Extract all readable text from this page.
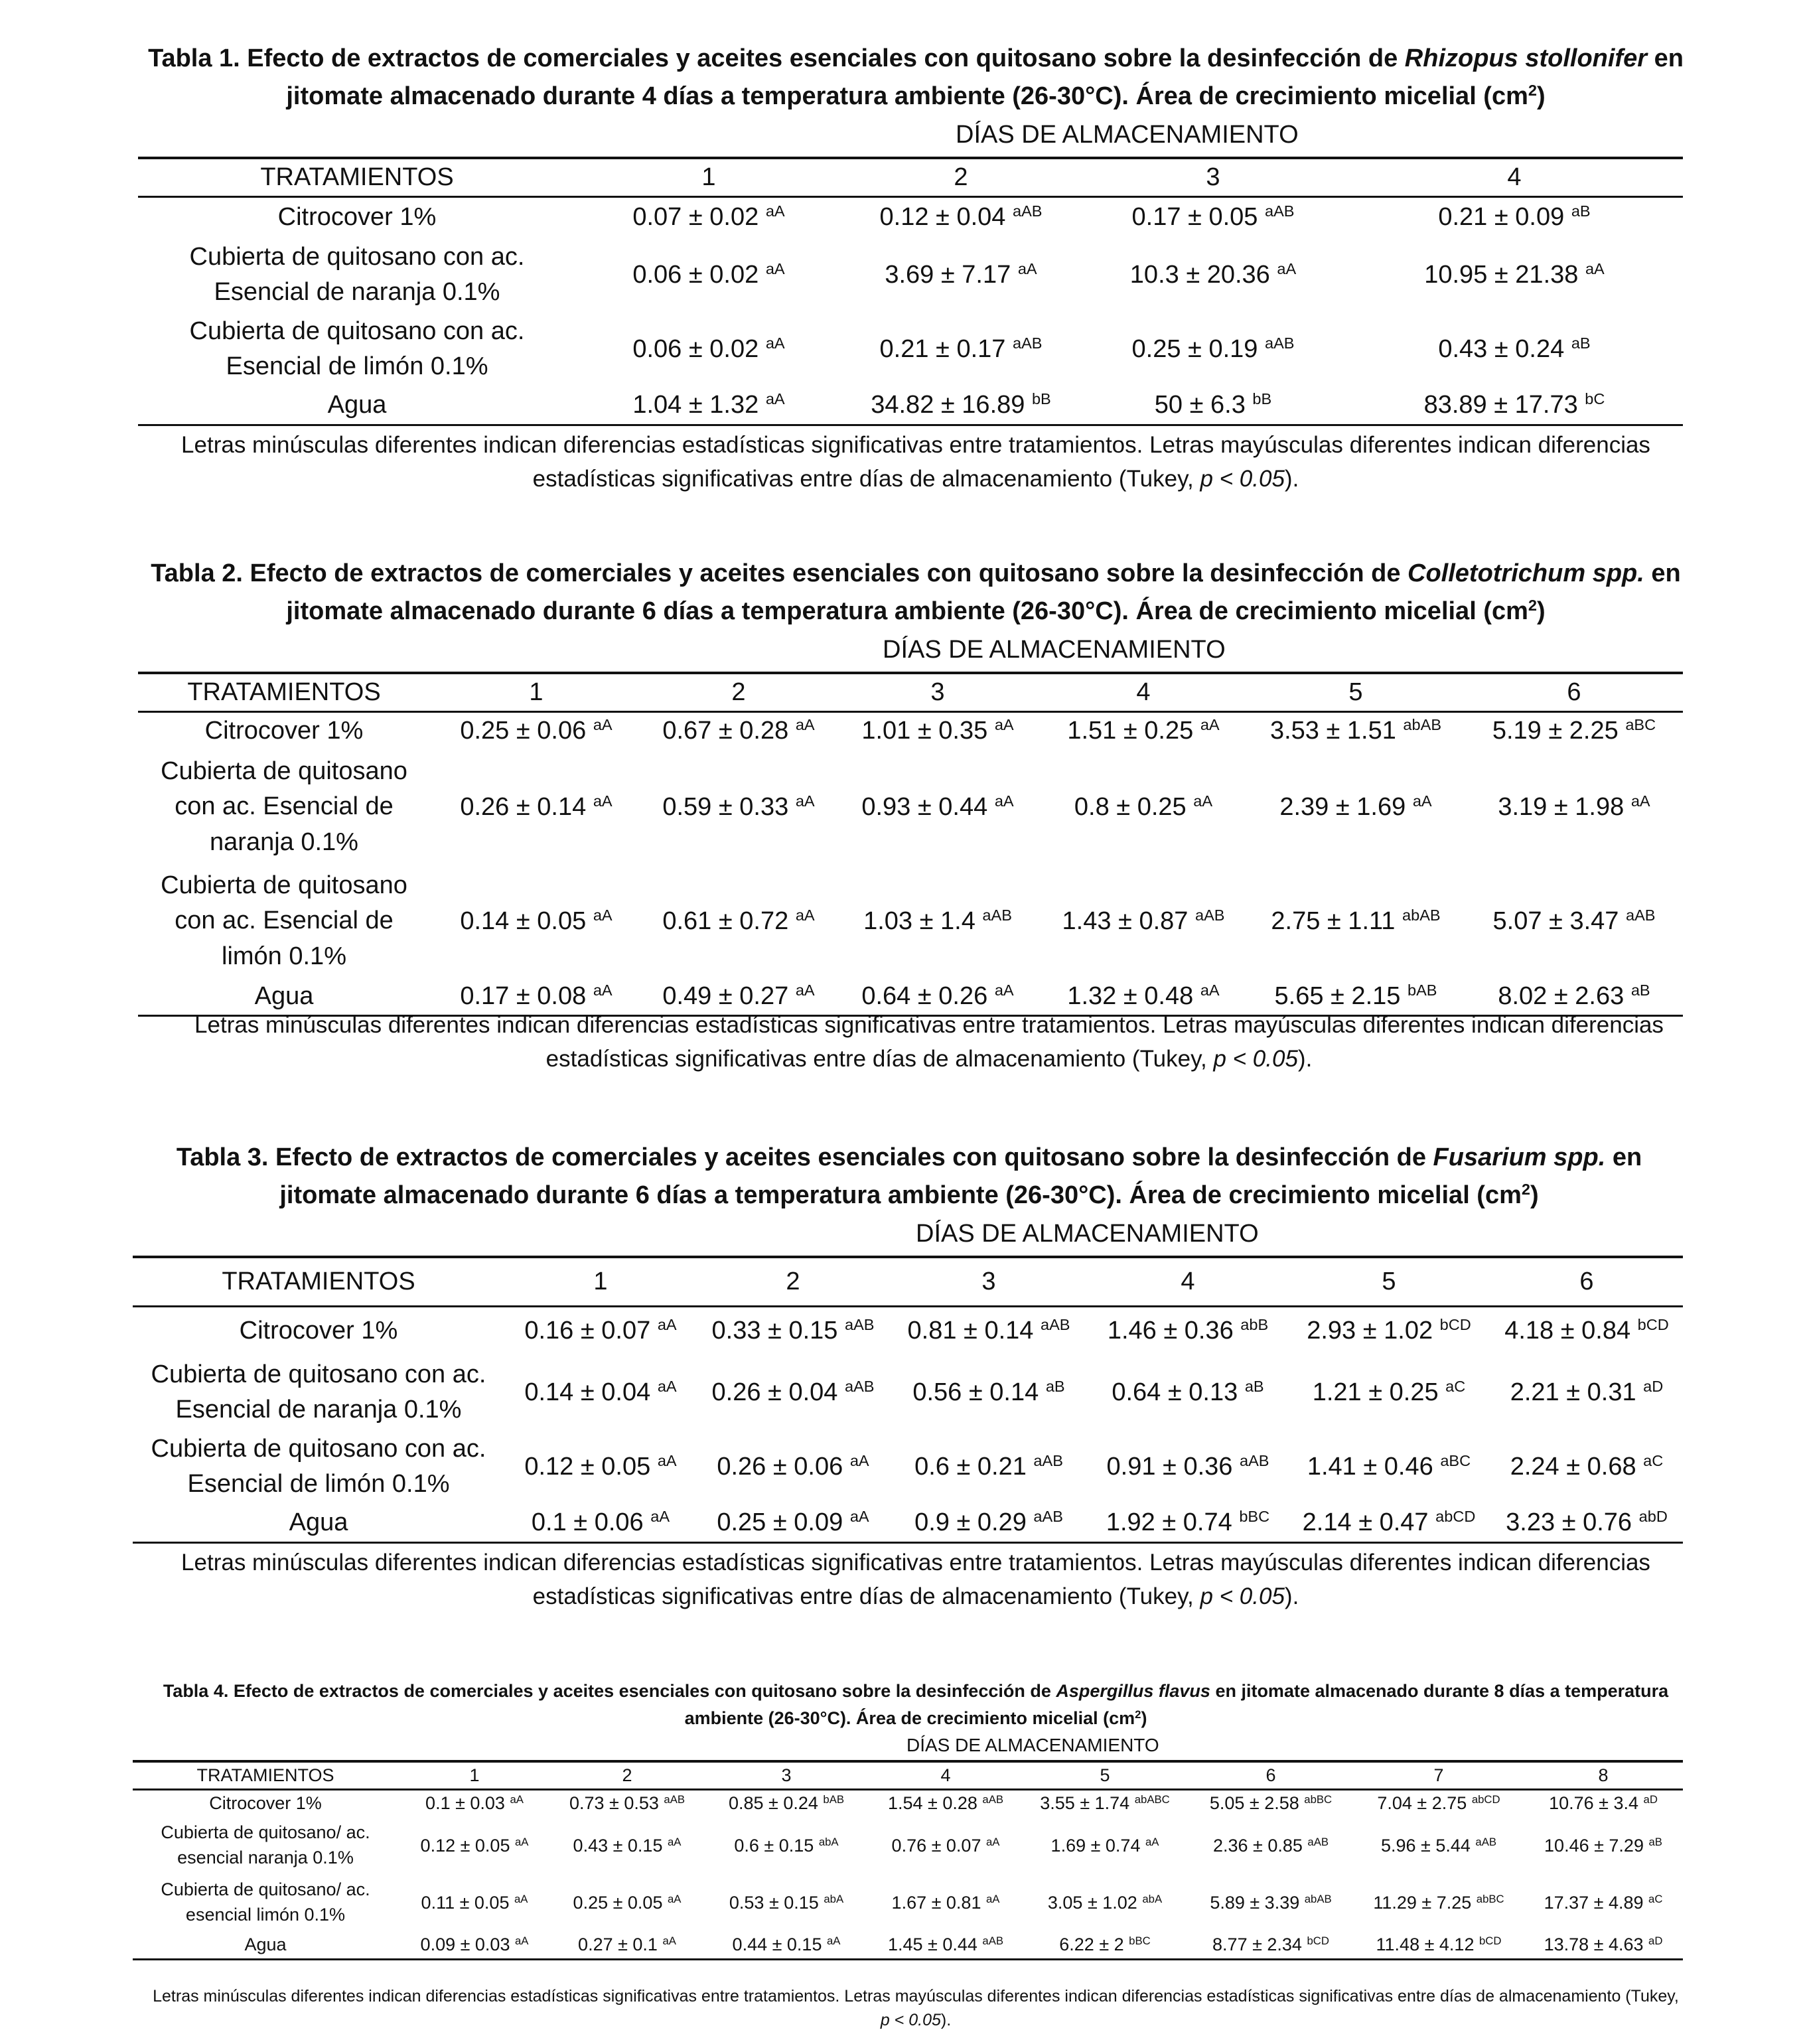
Tabla 1. Efecto de extractos de comerciales y aceites esenciales con quitosano sobre la desinfección de Rhizopus stollonifer en jitomate almacenado durante 4 días a temperatura ambiente (26-30°C). Área de crecimiento micelial $(cm^2)$
DÍAS DE ALMACENAMIENTO
TRATAMIENTOS	1	2	3	4
Citrocover 1%	0.07 ± 0.02 $^{aA}$	0.12 ± 0.04 $^{aAB}$	0.17 ± 0.05 $^{aAB}$	0.21 ± 0.09 $^{aB}$
Cubierta de quitosano con ac. Esencial de naranja 0.1%	0.06 ± 0.02 $^{aA}$	3.69 ± 7.17 $^{aA}$	10.3 ± 20.36 $^{aA}$	10.95 ± 21.38 $^{aA}$
Cubierta de quitosano con ac. Esencial de limón 0.1%	0.06 ± 0.02 $^{aA}$	0.21 ± 0.17 $^{aAB}$	0.25 ± 0.19 $^{aAB}$	0.43 ± 0.24 $^{aB}$
Agua	1.04 ± 1.32 $^{aA}$	34.82 ± 16.89 $^{bB}$	50 ± 6.3 $^{bB}$	83.89 ± 17.73 $^{bC}$
Letras minúsculas diferentes indican diferencias estadísticas significativas entre tratamientos. Letras mayúsculas diferentes indican diferencias estadísticas significativas entre días de almacenamiento (Tukey, p < 0.05).
Tabla 2. Efecto de extractos de comerciales y aceites esenciales con quitosano sobre la desinfección de Colletotrichum spp. en jitomate almacenado durante 6 días a temperatura ambiente (26-30°C). Área de crecimiento micelial $(cm^2)$
DÍAS DE ALMACENAMIENTO
TRATAMIENTOS	1	2	3	4	5	6
Citrocover 1%	0.25 ± 0.06 $^{aA}$	0.67 ± 0.28 $^{aA}$	1.01 ± 0.35 $^{aA}$	1.51 ± 0.25 $^{aA}$	3.53 ± 1.51 $^{abAB}$	5.19 ± 2.25 $^{aBC}$
Cubierta de quitosano con ac. Esencial de naranja 0.1%	0.26 ± 0.14 $^{aA}$	0.59 ± 0.33 $^{aA}$	0.93 ± 0.44 $^{aA}$	0.8 ± 0.25 $^{aA}$	2.39 ± 1.69 $^{aA}$	3.19 ± 1.98 $^{aA}$
Cubierta de quitosano con ac. Esencial de limón 0.1%	0.14 ± 0.05 $^{aA}$	0.61 ± 0.72 $^{aA}$	1.03 ± 1.4 $^{aAB}$	1.43 ± 0.87 $^{aAB}$	2.75 ± 1.11 $^{abAB}$	5.07 ± 3.47 $^{aAB}$
Agua	0.17 ± 0.08 $^{aA}$	0.49 ± 0.27 $^{aA}$	0.64 ± 0.26 $^{aA}$	1.32 ± 0.48 $^{aA}$	5.65 ± 2.15 $^{bAB}$	8.02 ± 2.63 $^{aB}$
Letras minúsculas diferentes indican diferencias estadísticas significativas entre tratamientos. Letras mayúsculas diferentes indican diferencias estadísticas significativas entre días de almacenamiento (Tukey, p < 0.05).
Tabla 3. Efecto de extractos de comerciales y aceites esenciales con quitosano sobre la desinfección de Fusarium spp. en jitomate almacenado durante 6 días a temperatura ambiente (26-30°C). Área de crecimiento micelial $(cm^2)$
DÍAS DE ALMACENAMIENTO
TRATAMIENTOS	1	2	3	4	5	6
Citrocover 1%	0.16 ± 0.07 $^{aA}$	0.33 ± 0.15 $^{aAB}$	0.81 ± 0.14 $^{aAB}$	1.46 ± 0.36 $^{abB}$	2.93 ± 1.02 $^{bCD}$	4.18 ± 0.84 $^{bCD}$
Cubierta de quitosano con ac. Esencial de naranja 0.1%	0.14 ± 0.04 $^{aA}$	0.26 ± 0.04 $^{aAB}$	0.56 ± 0.14 $^{aB}$	0.64 ± 0.13 $^{aB}$	1.21 ± 0.25 $^{aC}$	2.21 ± 0.31 $^{aD}$
Cubierta de quitosano con ac. Esencial de limón 0.1%	0.12 ± 0.05 $^{aA}$	0.26 ± 0.06 $^{aA}$	0.6 ± 0.21 $^{aAB}$	0.91 ± 0.36 $^{aAB}$	1.41 ± 0.46 $^{aBC}$	2.24 ± 0.68 $^{aC}$
Agua	0.1 ± 0.06 $^{aA}$	0.25 ± 0.09 $^{aA}$	0.9 ± 0.29 $^{aAB}$	1.92 ± 0.74 $^{bBC}$	2.14 ± 0.47 $^{abCD}$	3.23 ± 0.76 $^{abD}$
Letras minúsculas diferentes indican diferencias estadísticas significativas entre tratamientos. Letras mayúsculas diferentes indican diferencias estadísticas significativas entre días de almacenamiento (Tukey, p < 0.05).
Tabla 4. Efecto de extractos de comerciales y aceites esenciales con quitosano sobre la desinfección de Aspergillus flavus en jitomate almacenado durante 8 días a temperatura ambiente (26-30°C). Área de crecimiento micelial $(cm^2)$
DÍAS DE ALMACENAMIENTO
TRATAMIENTOS	1	2	3	4	5	6	7	8
Citrocover 1%	0.1 ± 0.03 $^{aA}$	0.73 ± 0.53 $^{aAB}$	0.85 ± 0.24 $^{bAB}$	1.54 ± 0.28 $^{aAB}$	3.55 ± 1.74 $^{abABC}$	5.05 ± 2.58 $^{abBC}$	7.04 ± 2.75 $^{abCD}$	10.76 ± 3.4 $^{aD}$
Cubierta de quitosano/ ac. esencial naranja 0.1%	0.12 ± 0.05 $^{aA}$	0.43 ± 0.15 $^{aA}$	0.6 ± 0.15 $^{abA}$	0.76 ± 0.07 $^{aA}$	1.69 ± 0.74 $^{aA}$	2.36 ± 0.85 $^{aAB}$	5.96 ± 5.44 $^{aAB}$	10.46 ± 7.29 $^{aB}$
Cubierta de quitosano/ ac. esencial limón 0.1%	0.11 ± 0.05 $^{aA}$	0.25 ± 0.05 $^{aA}$	0.53 ± 0.15 $^{abA}$	1.67 ± 0.81 $^{aA}$	3.05 ± 1.02 $^{abA}$	5.89 ± 3.39 $^{abAB}$	11.29 ± 7.25 $^{abBC}$	17.37 ± 4.89 $^{aC}$
Agua	0.09 ± 0.03 $^{aA}$	0.27 ± 0.1 $^{aA}$	0.44 ± 0.15 $^{aA}$	1.45 ± 0.44 $^{aAB}$	6.22 ± 2 $^{bBC}$	8.77 ± 2.34 $^{bCD}$	11.48 ± 4.12 $^{bCD}$	13.78 ± 4.63 $^{aD}$
Letras minúsculas diferentes indican diferencias estadísticas significativas entre tratamientos. Letras mayúsculas diferentes indican diferencias estadísticas significativas entre días de almacenamiento (Tukey, p < 0.05).
